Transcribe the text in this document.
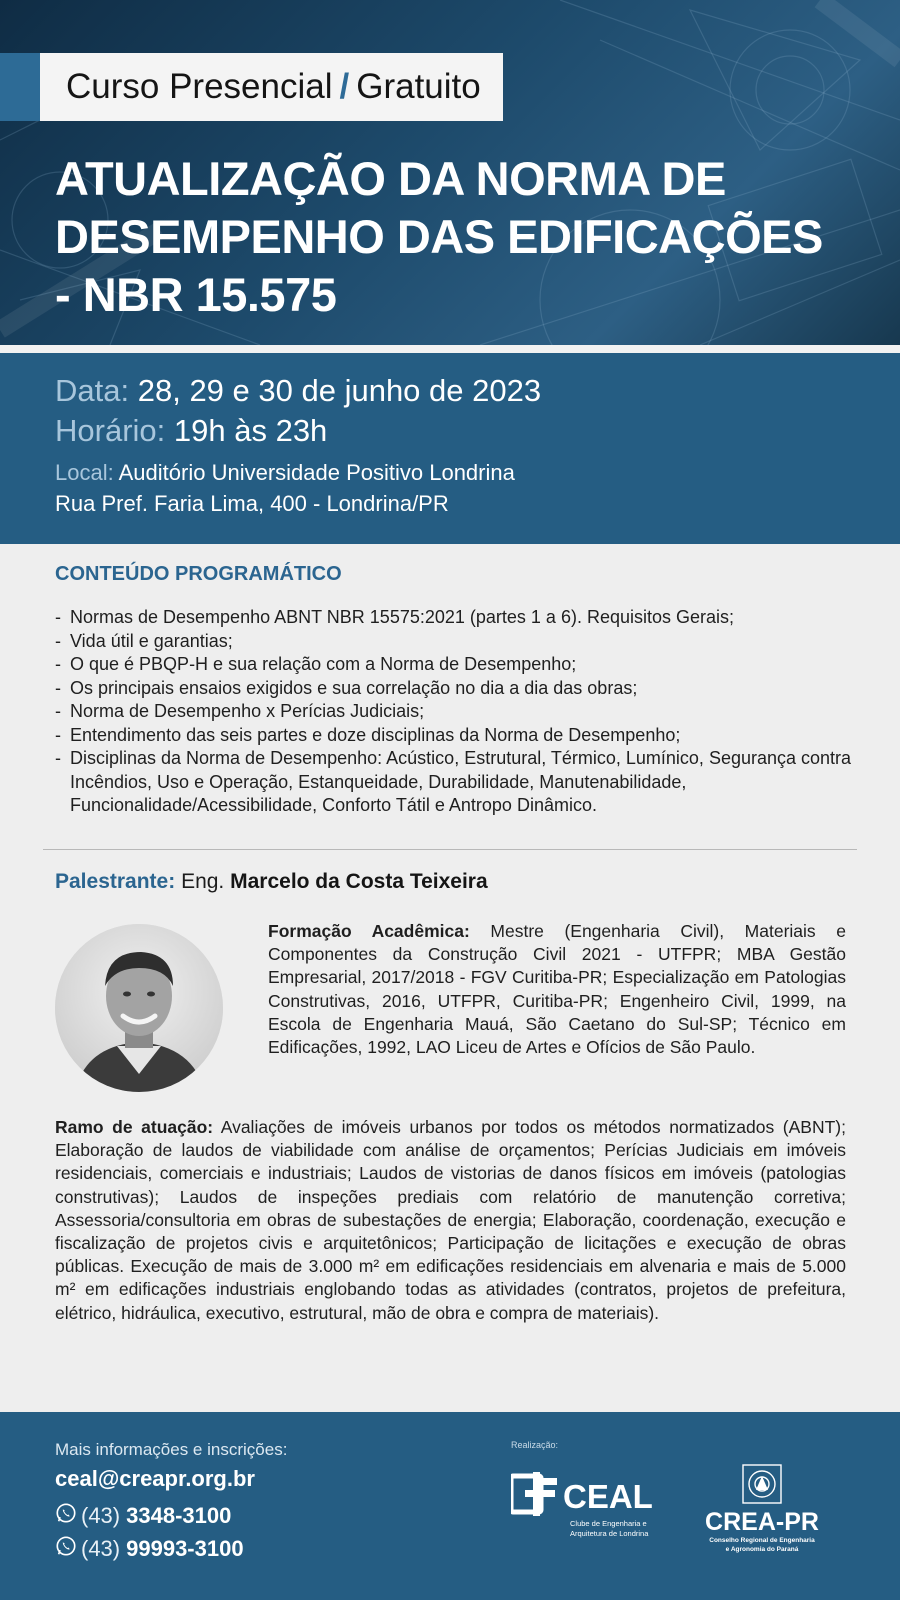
Curso Presencial / Gratuito
ATUALIZAÇÃO DA NORMA DE
DESEMPENHO DAS EDIFICAÇÕES
- NBR 15.575
Data: 28, 29 e 30 de junho de 2023
Horário: 19h às 23h
Local: Auditório Universidade Positivo Londrina
Rua Pref. Faria Lima, 400 - Londrina/PR
CONTEÚDO PROGRAMÁTICO
- Normas de Desempenho ABNT NBR 15575:2021 (partes 1 a 6). Requisitos Gerais;
- Vida útil e garantias;
- O que é PBQP-H e sua relação com a Norma de Desempenho;
- Os principais ensaios exigidos e sua correlação no dia a dia das obras;
- Norma de Desempenho x Perícias Judiciais;
- Entendimento das seis partes e doze disciplinas da Norma de Desempenho;
- Disciplinas da Norma de Desempenho: Acústico, Estrutural, Térmico, Lumínico, Segurança contra Incêndios, Uso e Operação, Estanqueidade, Durabilidade, Manutenabilidade, Funcionalidade/Acessibilidade, Conforto Tátil e Antropo Dinâmico.
Palestrante: Eng. Marcelo da Costa Teixeira
Formação Acadêmica: Mestre (Engenharia Civil), Materiais e Componentes da Construção Civil 2021 - UTFPR; MBA Gestão Empresarial, 2017/2018 - FGV Curitiba-PR; Especialização em Patologias Construtivas, 2016, UTFPR, Curitiba-PR; Engenheiro Civil, 1999, na Escola de Engenharia Mauá, São Caetano do Sul-SP; Técnico em Edificações, 1992, LAO Liceu de Artes e Ofícios de São Paulo.
Ramo de atuação: Avaliações de imóveis urbanos por todos os métodos normatizados (ABNT); Elaboração de laudos de viabilidade com análise de orçamentos; Perícias Judiciais em imóveis residenciais, comerciais e industriais; Laudos de vistorias de danos físicos em imóveis (patologias construtivas); Laudos de inspeções prediais com relatório de manutenção corretiva; Assessoria/consultoria em obras de subestações de energia; Elaboração, coordenação, execução e fiscalização de projetos civis e arquitetônicos; Participação de licitações e execução de obras públicas. Execução de mais de 3.000 m² em edificações residenciais em alvenaria e mais de 5.000 m² em edificações industriais englobando todas as atividades (contratos, projetos de prefeitura, elétrico, hidráulica, executivo, estrutural, mão de obra e compra de materiais).
Mais informações e inscrições:
ceal@creapr.org.br
(43) 3348-3100
(43) 99993-3100
Realização:
CEAL
Clube de Engenharia e
Arquitetura de Londrina CREA-PR
Conselho Regional de Engenharia
e Agronomia do Paraná
